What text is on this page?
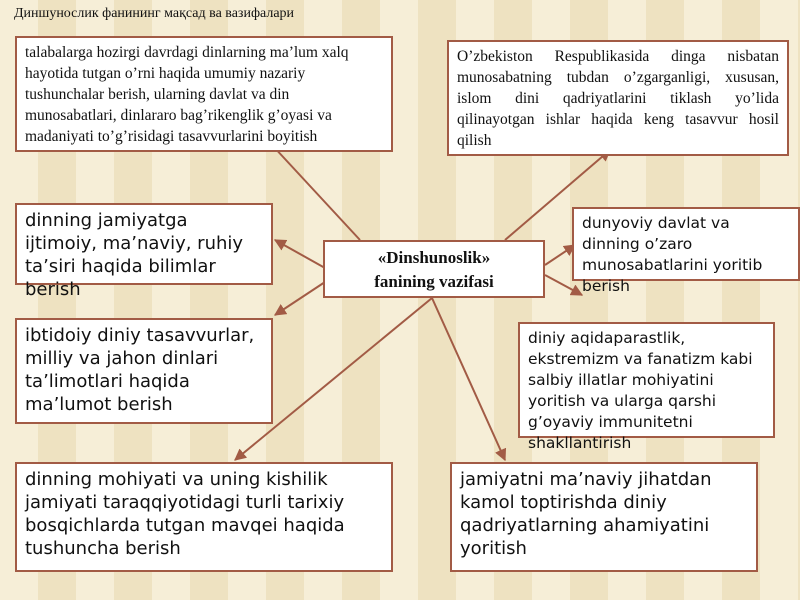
Диншунослик фанининг мақсад ва вазифалари
talabalarga hozirgi davrdagi dinlarning ma’lum xalq hayotida tutgan o’rni haqida umumiy nazariy tushunchalar berish, ularning davlat va din munosabatlari, dinlararo bag’rikenglik g’oyasi va madaniyati to’g’risidagi tasavvurlarini boyitish
O’zbekiston Respublikasida dinga nisbatan munosabatning tubdan o’zgarganligi, xususan, islom dini qadriyatlarini tiklash yo’lida qilinayotgan ishlar haqida keng tasavvur hosil qilish
dinning jamiyatga ijtimoiy, ma’naviy, ruhiy ta’siri haqida bilimlar berish
«Dinshunoslik»
fanining vazifasi
dunyoviy davlat va dinning o’zaro munosabatlarini yoritib berish
ibtidoiy diniy tasavvurlar, milliy va jahon dinlari ta’limotlari haqida ma’lumot berish
diniy aqidaparastlik, ekstremizm va fanatizm kabi salbiy illatlar mohiyatini yoritish va ularga qarshi g’oyaviy immunitetni shakllantirish
dinning mohiyati va uning kishilik jamiyati taraqqiyotidagi turli tarixiy bosqichlarda tutgan mavqei haqida tushuncha berish
jamiyatni ma’naviy jihatdan kamol toptirishda diniy qadriyatlarning ahamiyatini yoritish
